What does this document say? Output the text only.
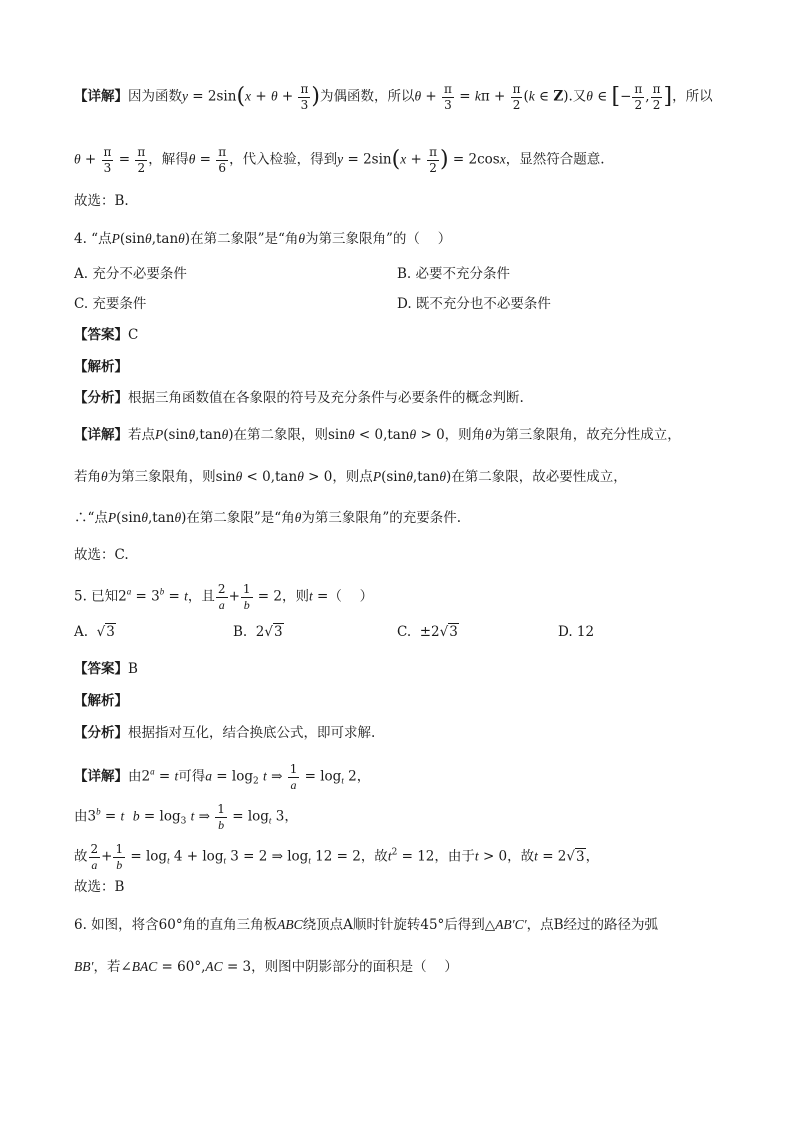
【详解】因为函数$y = 2\sin(x + \theta + \frac{\pi}{3}$ )为偶函数，所以$\theta + \frac{\pi}{3} = k\pi + \frac{\pi}{2} (k$ ∈ Z).又θ ∈ [− $\frac{\pi}{2}$ , $\frac{\pi}{2}$ ]，所以
$\theta + \frac{\pi}{3} = \frac{\pi}{2}$ ，解得$\theta = \frac{\pi}{6}$ ，代入检验，得到$y = 2\sin(x + \frac{\pi}{2}$ ) = 2cosx，显然符合题意.
故选：B.
4. “点P(sinθ,tanθ)在第二象限”是“角θ为第三象限角”的（　 ）
A. 充分不必要条件	B. 必要不充分条件
C. 充要条件	D. 既不充分也不必要条件
【答案】C
【解析】
【分析】根据三角函数值在各象限的符号及充分条件与必要条件的概念判断.
【详解】若点P(sinθ,tanθ)在第二象限，则sinθ < 0,tanθ > 0，则角θ为第三象限角，故充分性成立，
若角θ为第三象限角，则sinθ < 0,tanθ > 0，则点P(sinθ,tanθ)在第二象限，故必要性成立，
∴“点P(sinθ,tanθ)在第二象限”是“角θ为第三象限角”的充要条件.
故选：C.
5. 已知$2^a = 3^b = t$，且 $\frac{2}{a} + \frac{1}{b} = 2$，则t =（　 ）
A.  √3	B.  2√3	C.  ±2√3	D. 12
【答案】B
【解析】
【分析】根据指对互化，结合换底公式，即可求解.
【详解】由$2^a = t$可得$a = \log_2 t$ ⇒ $\frac{1}{a} = \log_t 2$，
由$3^b = t$ $b = \log_3 t$ ⇒ $\frac{1}{b} = \log_t 3$，
故 $\frac{2}{a} + \frac{1}{b} = \log_t 4 + \log_t 3 = 2$ ⇒ $\log_t 12 = 2$，故$t^2 = 12$，由于t > 0，故t = 2√3，
故选：B
6. 如图，将含60°角的直角三角板ABC绕顶点A顺时针旋转45°后得到△AB′C′，点B经过的路径为弧
BB′，若∠BAC = 60°,AC = 3，则图中阴影部分的面积是（　 ）
